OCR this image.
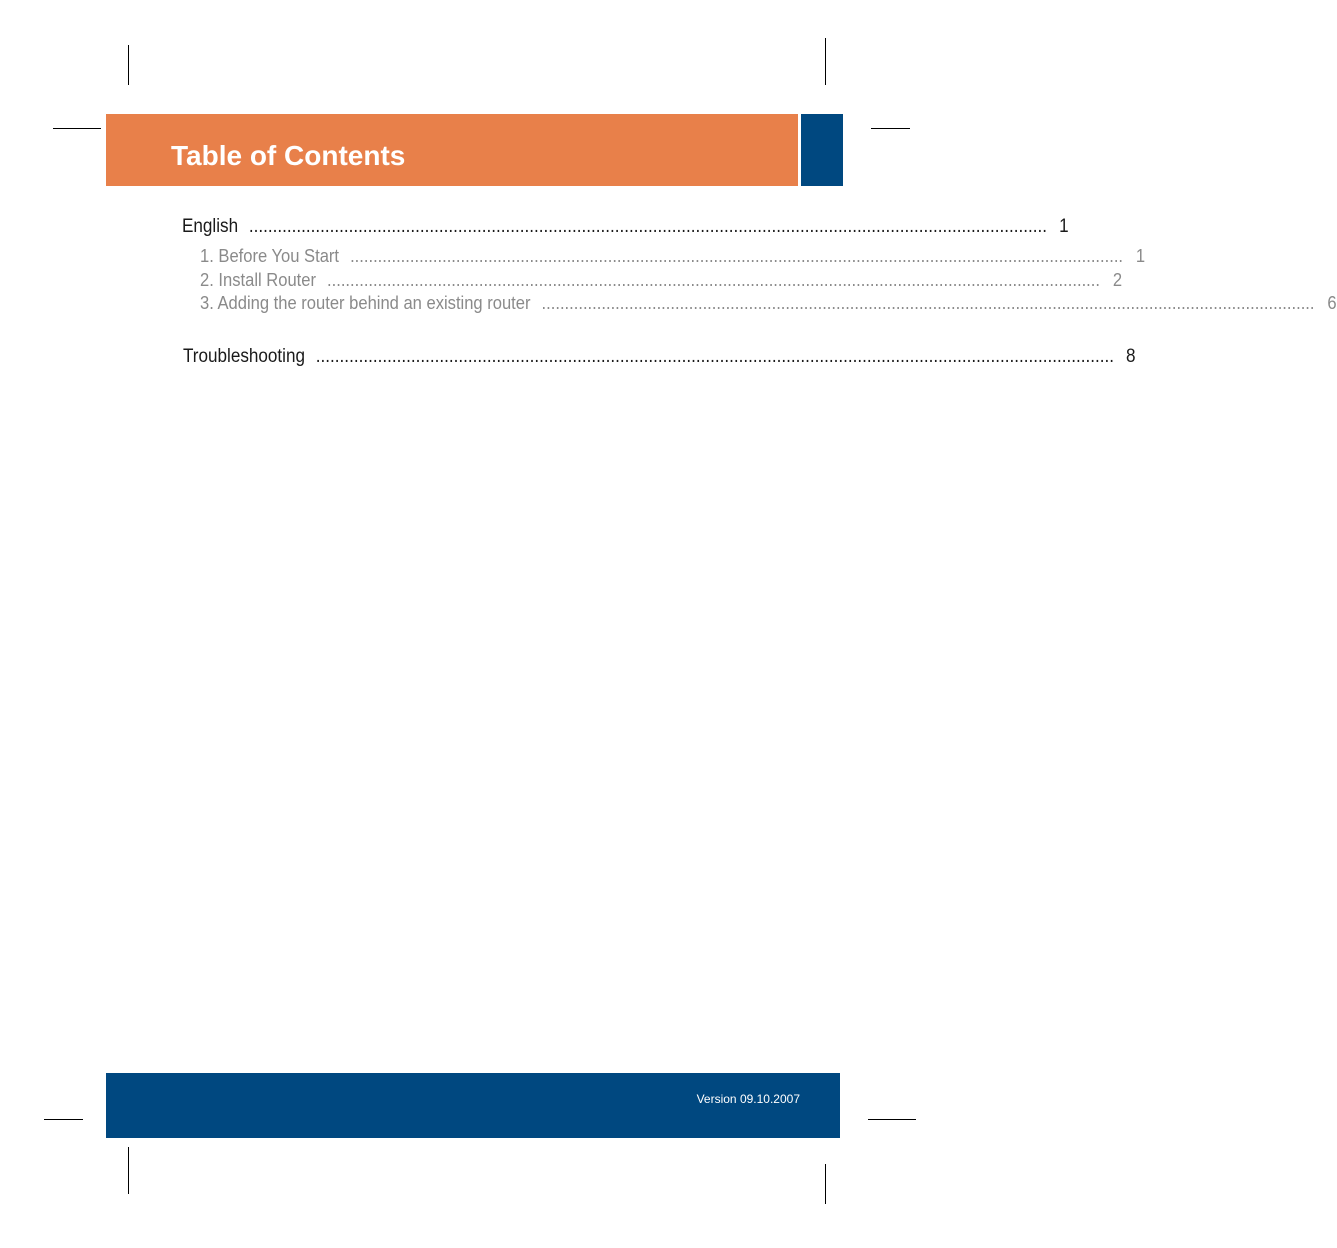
Table of Contents
English ........................................................................................................................................................................ 1
1. Before You Start ........................................................................................................................................................................ 1
2. Install Router ........................................................................................................................................................................ 2
3. Adding the router behind an existing router ........................................................................................................................................................................ 6
Troubleshooting ........................................................................................................................................................................ 8
Version 09.10.2007
